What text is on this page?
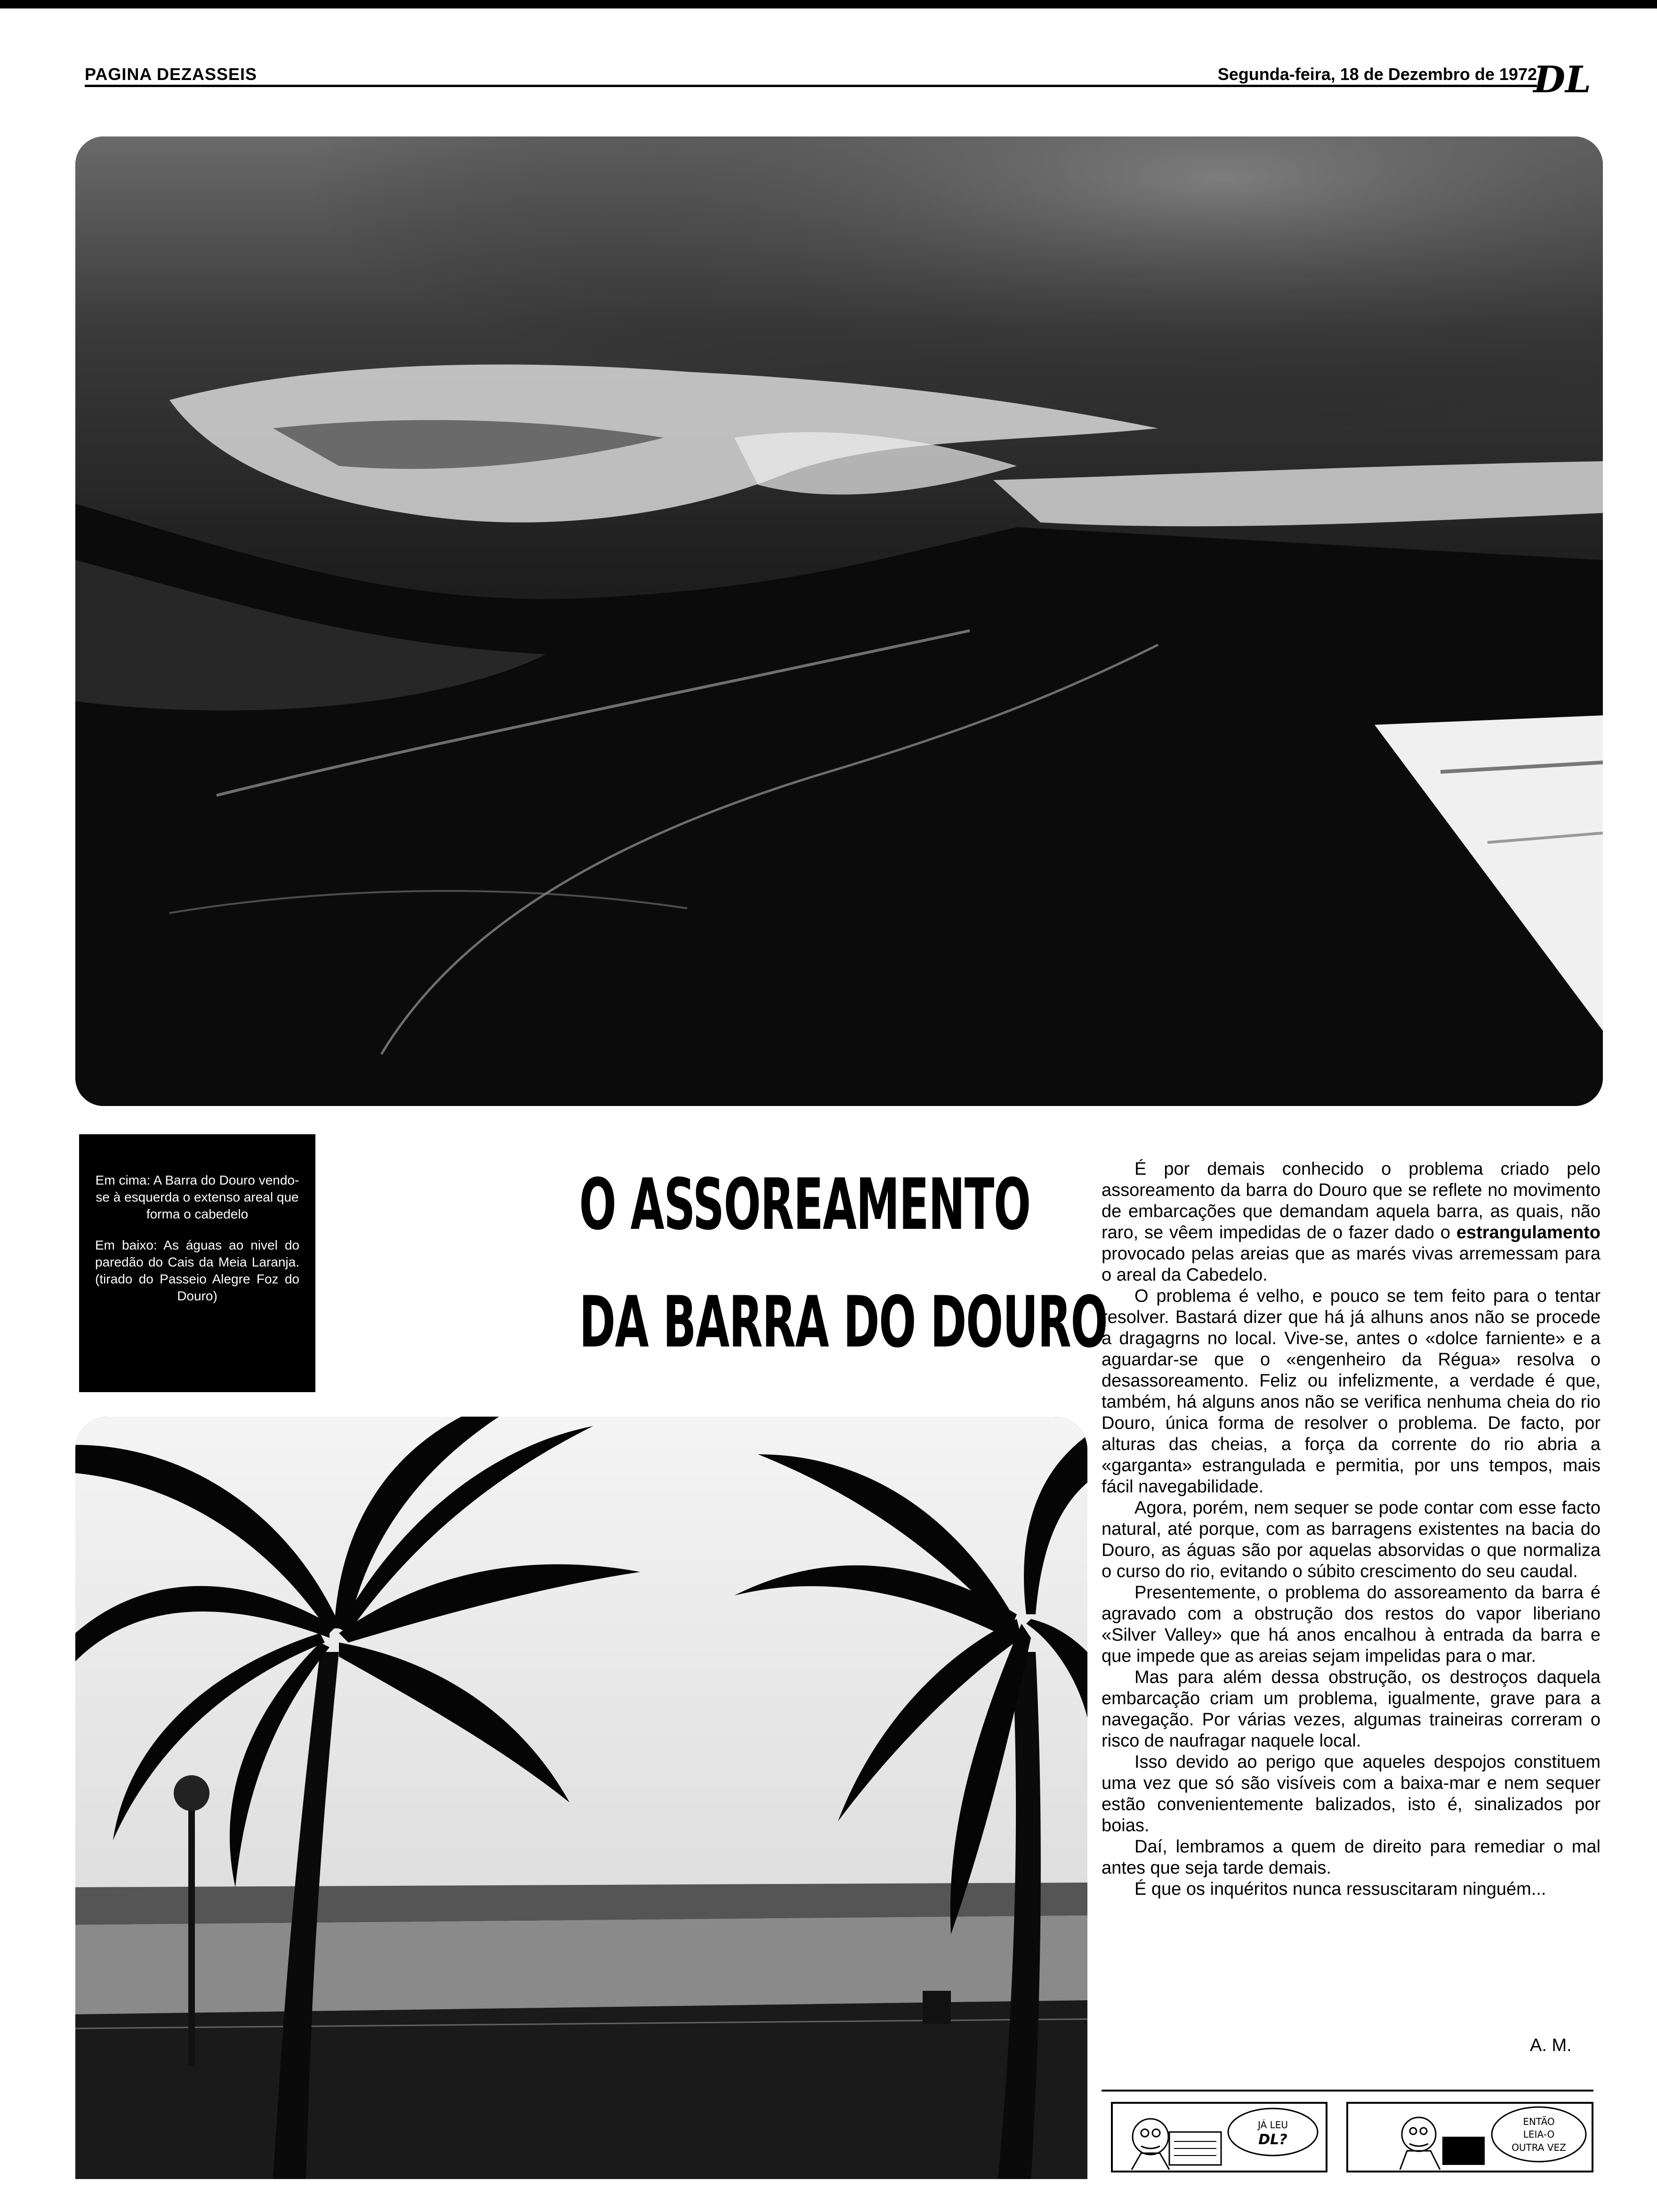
PAGINA DEZASSEIS	Segunda-feira, 18 de Dezembro de 1972
DL

Em cima: A Barra do Douro vendo-se à esquerda o extenso areal que forma o cabedelo

Em baixo: As águas ao nivel do paredão do Cais da Meia Laranja. (tirado do Passeio Alegre Foz do Douro)

O ASSOREAMENTO
DA BARRA DO DOURO

É por demais conhecido o problema criado pelo assoreamento da barra do Douro que se reflete no movimento de embarcações que demandam aquela barra, as quais, não raro, se vêem impedidas de o fazer dado o estrangulamento provocado pelas areias que as marés vivas arremessam para o areal da Cabedelo.

O problema é velho, e pouco se tem feito para o tentar resolver. Bastará dizer que há já alhuns anos não se procede a dragagrns no local. Vive-se, antes o «dolce farniente» e a aguardar-se que o «engenheiro da Régua» resolva o desassoreamento. Feliz ou infelizmente, a verdade é que, também, há alguns anos não se verifica nenhuma cheia do rio Douro, única forma de resolver o problema. De facto, por alturas das cheias, a força da corrente do rio abria a «garganta» estrangulada e permitia, por uns tempos, mais fácil navegabilidade.

Agora, porém, nem sequer se pode contar com esse facto natural, até porque, com as barragens existentes na bacia do Douro, as águas são por aquelas absorvidas o que normaliza o curso do rio, evitando o súbito crescimento do seu caudal.

Presentemente, o problema do assoreamento da barra é agravado com a obstrução dos restos do vapor liberiano «Silver Valley» que há anos encalhou à entrada da barra e que impede que as areias sejam impelidas para o mar.

Mas para além dessa obstrução, os destroços daquela embarcação criam um problema, igualmente, grave para a navegação. Por várias vezes, algumas traineiras correram o risco de naufragar naquele local.

Isso devido ao perigo que aqueles despojos constituem uma vez que só são visíveis com a baixa-mar e nem sequer estão convenientemente balizados, isto é, sinalizados por boias.

Daí, lembramos a quem de direito para remediar o mal antes que seja tarde demais.

É que os inquéritos nunca ressuscitaram ninguém...

A. M.
JÁ LEU
DL?
ENTÃO
LEIA-O
OUTRA VEZ
